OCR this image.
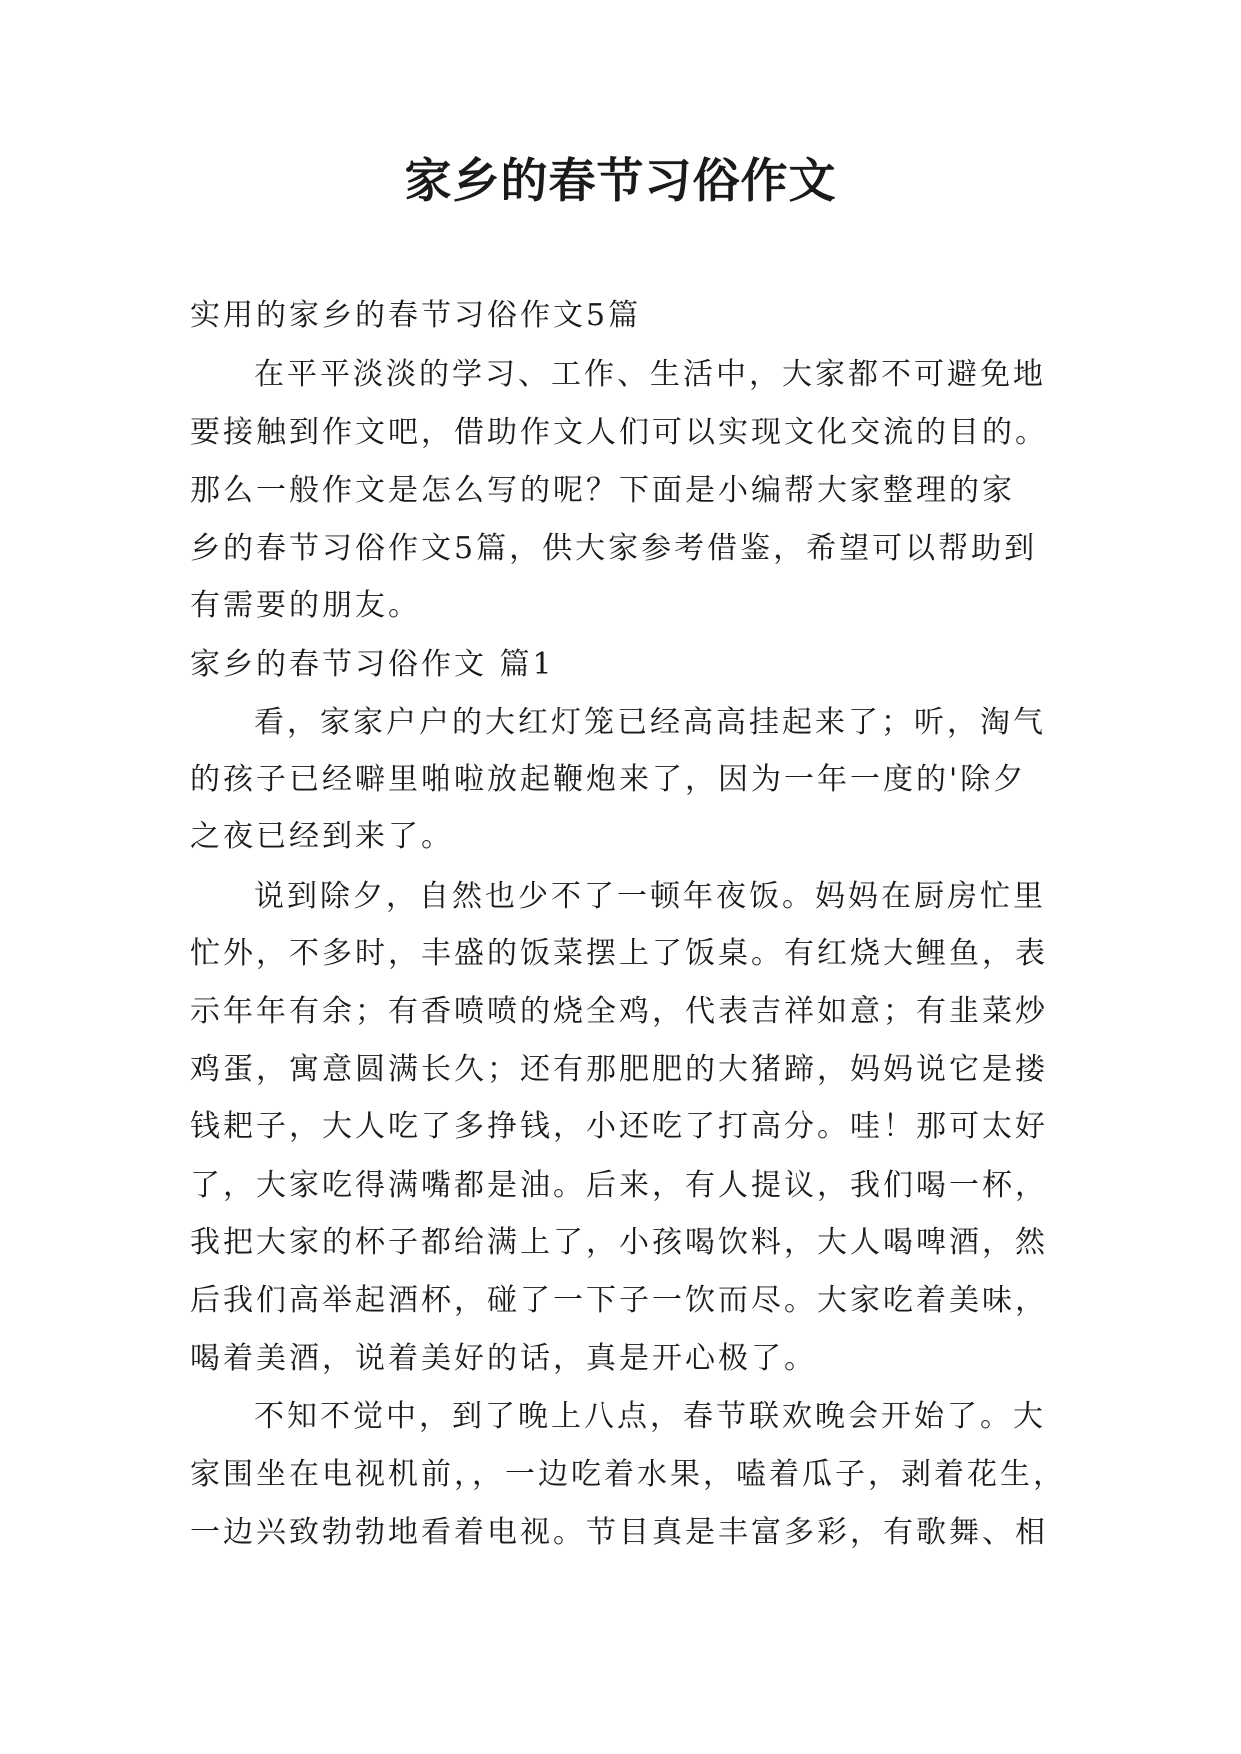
家乡的春节习俗作文

实用的家乡的春节习俗作文5篇

在平平淡淡的学习、工作、生活中，大家都不可避免地

要接触到作文吧，借助作文人们可以实现文化交流的目的。

那么一般作文是怎么写的呢？下面是小编帮大家整理的家

乡的春节习俗作文5篇，供大家参考借鉴，希望可以帮助到

有需要的朋友。

家乡的春节习俗作文 篇1

看，家家户户的大红灯笼已经高高挂起来了；听，淘气

的孩子已经噼里啪啦放起鞭炮来了，因为一年一度的'除夕

之夜已经到来了。

说到除夕，自然也少不了一顿年夜饭。妈妈在厨房忙里

忙外，不多时，丰盛的饭菜摆上了饭桌。有红烧大鲤鱼，表

示年年有余；有香喷喷的烧全鸡，代表吉祥如意；有韭菜炒

鸡蛋，寓意圆满长久；还有那肥肥的大猪蹄，妈妈说它是搂

钱耙子，大人吃了多挣钱，小还吃了打高分。哇！那可太好

了，大家吃得满嘴都是油。后来，有人提议，我们喝一杯，

我把大家的杯子都给满上了，小孩喝饮料，大人喝啤酒，然

后我们高举起酒杯，碰了一下子一饮而尽。大家吃着美味，

喝着美酒，说着美好的话，真是开心极了。

不知不觉中，到了晚上八点，春节联欢晚会开始了。大

家围坐在电视机前，，一边吃着水果，嗑着瓜子，剥着花生，

一边兴致勃勃地看着电视。节目真是丰富多彩，有歌舞、相
